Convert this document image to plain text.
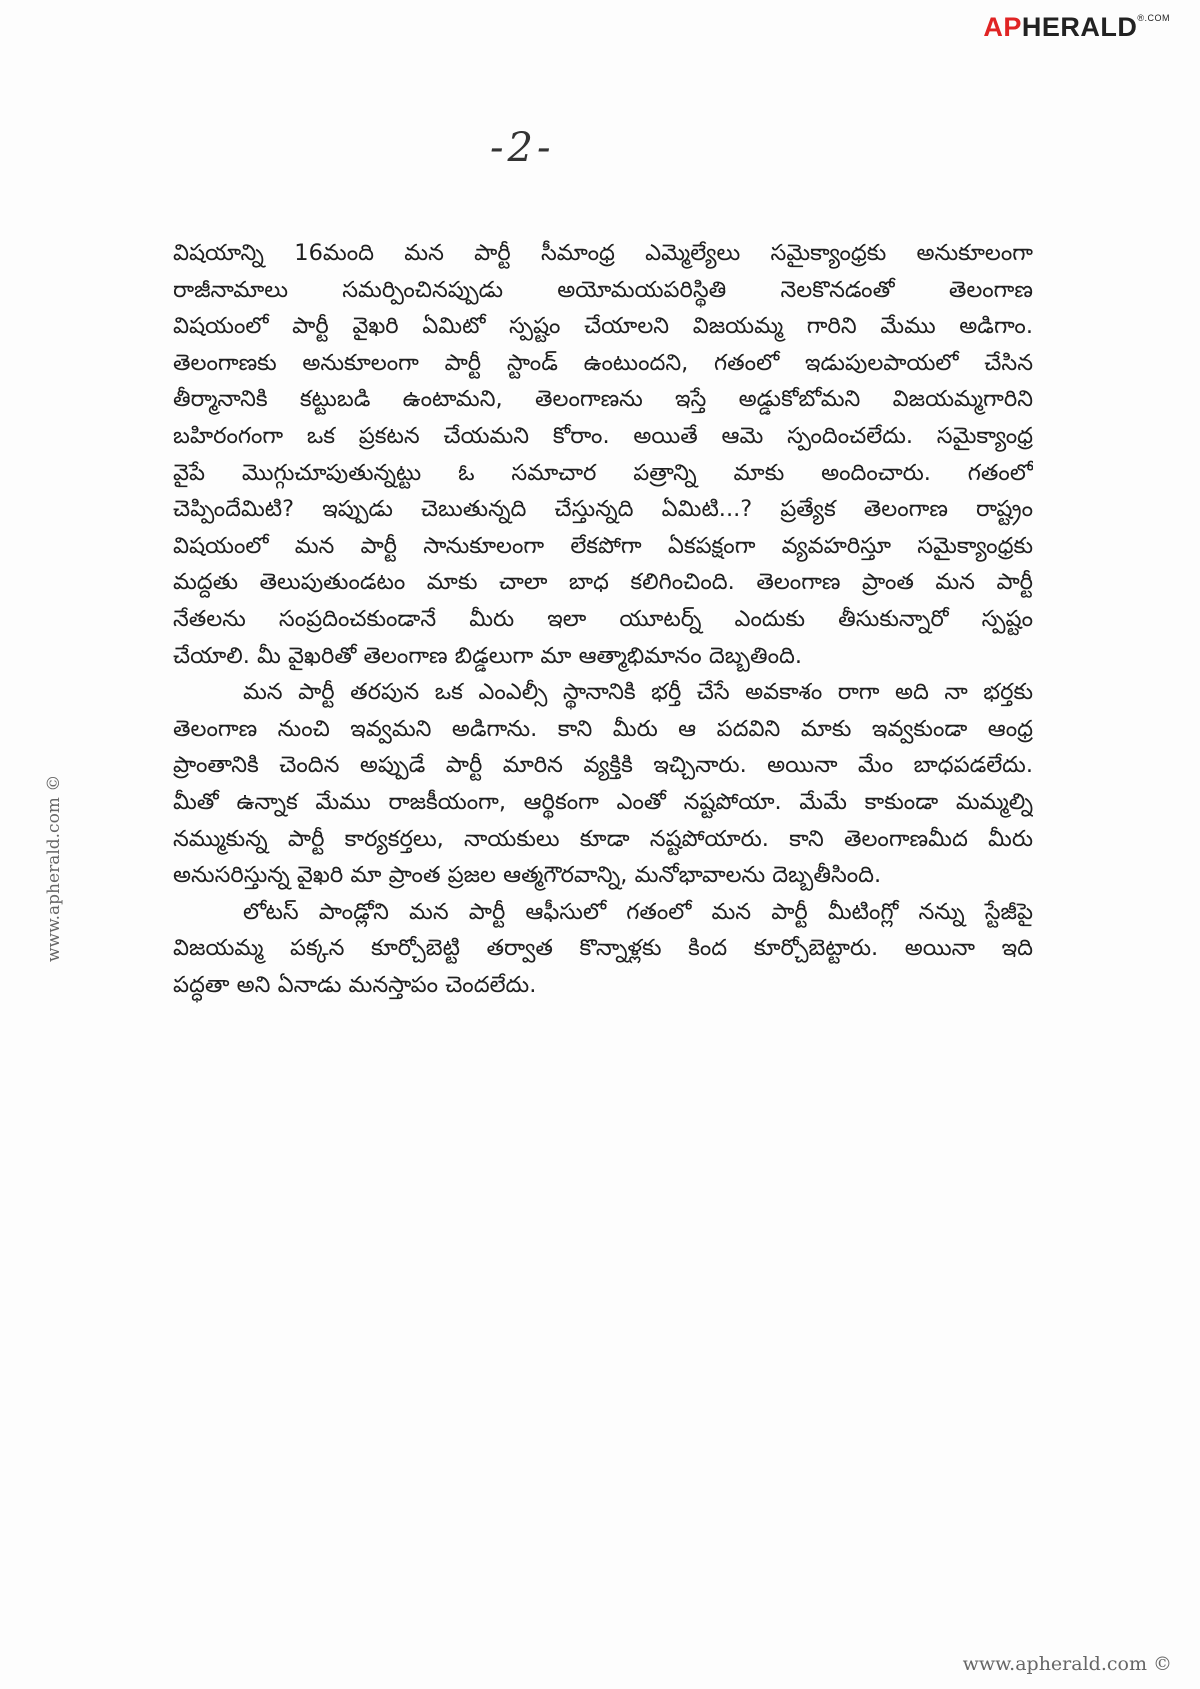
$APHERALD^{®.COM}$
-2-
విషయాన్ని 16మంది మన పార్టీ సీమాంధ్ర ఎమ్మెల్యేలు సమైక్యాంధ్రకు అనుకూలంగా
రాజీనామాలు సమర్పించినప్పుడు అయోమయపరిస్థితి నెలకొనడంతో తెలంగాణ
విషయంలో పార్టీ వైఖరి ఏమిటో స్పష్టం చేయాలని విజయమ్మ గారిని మేము అడిగాం.
తెలంగాణకు అనుకూలంగా పార్టీ స్టాండ్ ఉంటుందని, గతంలో ఇడుపులపాయలో చేసిన
తీర్మానానికి కట్టుబడి ఉంటామని, తెలంగాణను ఇస్తే అడ్డుకోబోమని విజయమ్మగారిని
బహిరంగంగా ఒక ప్రకటన చేయమని కోరాం. అయితే ఆమె స్పందించలేదు. సమైక్యాంధ్ర
వైపే మొగ్గుచూపుతున్నట్టు ఓ సమాచార పత్రాన్ని మాకు అందించారు. గతంలో
చెప్పిందేమిటి? ఇప్పుడు చెబుతున్నది చేస్తున్నది ఏమిటి...? ప్రత్యేక తెలంగాణ రాష్ట్రం
విషయంలో మన పార్టీ సానుకూలంగా లేకపోగా ఏకపక్షంగా వ్యవహరిస్తూ సమైక్యాంధ్రకు
మద్దతు తెలుపుతుండటం మాకు చాలా బాధ కలిగించింది. తెలంగాణ ప్రాంత మన పార్టీ
నేతలను సంప్రదించకుండానే మీరు ఇలా యూటర్న్ ఎందుకు తీసుకున్నారో స్పష్టం
చేయాలి. మీ వైఖరితో తెలంగాణ బిడ్డలుగా మా ఆత్మాభిమానం దెబ్బతింది.
మన పార్టీ తరపున ఒక ఎంఎల్సీ స్థానానికి భర్తీ చేసే అవకాశం రాగా అది నా భర్తకు
తెలంగాణ నుంచి ఇవ్వమని అడిగాను. కాని మీరు ఆ పదవిని మాకు ఇవ్వకుండా ఆంధ్ర
ప్రాంతానికి చెందిన అప్పుడే పార్టీ మారిన వ్యక్తికి ఇచ్చినారు. అయినా మేం బాధపడలేదు.
మీతో ఉన్నాక మేము రాజకీయంగా, ఆర్థికంగా ఎంతో నష్టపోయా. మేమే కాకుండా మమ్మల్ని
నమ్ముకున్న పార్టీ కార్యకర్తలు, నాయకులు కూడా నష్టపోయారు. కాని తెలంగాణమీద మీరు
అనుసరిస్తున్న వైఖరి మా ప్రాంత ప్రజల ఆత్మగౌరవాన్ని, మనోభావాలను దెబ్బతీసింది.
లోటస్ పాండ్లోని మన పార్టీ ఆఫీసులో గతంలో మన పార్టీ మీటింగ్లో నన్ను స్టేజీపై
విజయమ్మ పక్కన కూర్చోబెట్టి తర్వాత కొన్నాళ్లకు కింద కూర్చోబెట్టారు. అయినా ఇది
పద్ధతా అని ఏనాడు మనస్తాపం చెందలేదు.
www.apherald.com ©
www.apherald.com ©
